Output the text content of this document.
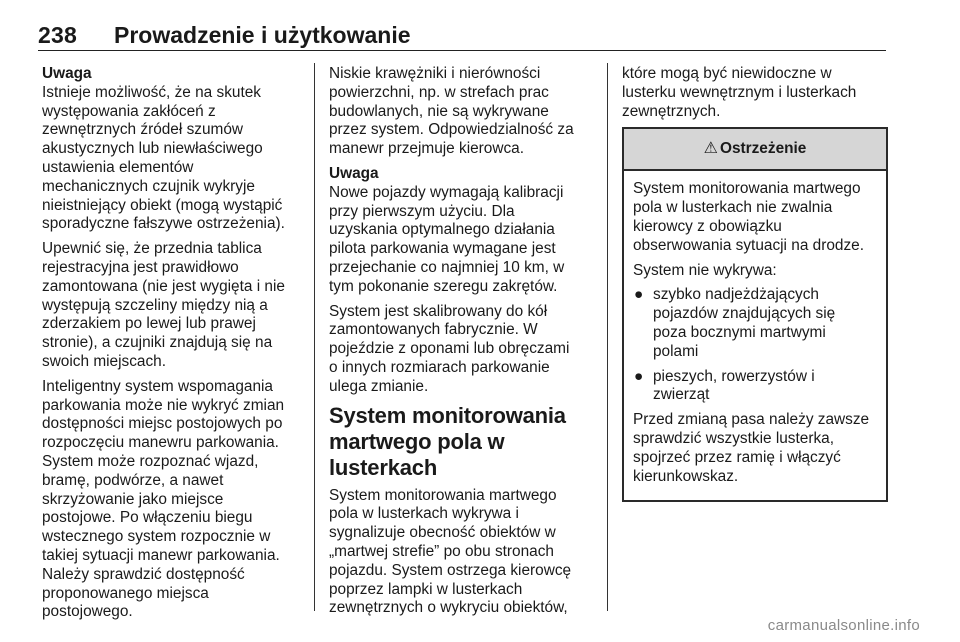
238 Prowadzenie i użytkowanie
Uwaga

Istnieje możliwość, że na skutek
występowania zakłóceń z
zewnętrznych źródeł szumów
akustycznych lub niewłaściwego
ustawienia elementów
mechanicznych czujnik wykryje
nieistniejący obiekt (mogą wystąpić
sporadyczne fałszywe ostrzeżenia).

Upewnić się, że przednia tablica
rejestracyjna jest prawidłowo
zamontowana (nie jest wygięta i nie
występują szczeliny między nią a
zderzakiem po lewej lub prawej
stronie), a czujniki znajdują się na
swoich miejscach.

Inteligentny system wspomagania
parkowania może nie wykryć zmian
dostępności miejsc postojowych po
rozpoczęciu manewru parkowania.
System może rozpoznać wjazd,
bramę, podwórze, a nawet
skrzyżowanie jako miejsce
postojowe. Po włączeniu biegu
wstecznego system rozpocznie w
takiej sytuacji manewr parkowania.
Należy sprawdzić dostępność
proponowanego miejsca
postojowego.

Niskie krawężniki i nierówności
powierzchni, np. w strefach prac
budowlanych, nie są wykrywane
przez system. Odpowiedzialność za
manewr przejmuje kierowca.

Uwaga

Nowe pojazdy wymagają kalibracji
przy pierwszym użyciu. Dla
uzyskania optymalnego działania
pilota parkowania wymagane jest
przejechanie co najmniej 10 km, w
tym pokonanie szeregu zakrętów.

System jest skalibrowany do kół
zamontowanych fabrycznie. W
pojeździe z oponami lub obręczami
o innych rozmiarach parkowanie
ulega zmianie.

System monitorowania
martwego pola w lusterkach

System monitorowania martwego
pola w lusterkach wykrywa i
sygnalizuje obecność obiektów w
„martwej strefie” po obu stronach
pojazdu. System ostrzega kierowcę
poprzez lampki w lusterkach
zewnętrznych o wykryciu obiektów,

które mogą być niewidoczne w
lusterku wewnętrznym i lusterkach
zewnętrznych.

⚠ Ostrzeżenie

System monitorowania martwego
pola w lusterkach nie zwalnia
kierowcy z obowiązku
obserwowania sytuacji na drodze.

System nie wykrywa:

● szybko nadjeżdżających
pojazdów znajdujących się
poza bocznymi martwymi
polami
● pieszych, rowerzystów i
zwierząt

Przed zmianą pasa należy zawsze
sprawdzić wszystkie lusterka,
spojrzeć przez ramię i włączyć
kierunkowskaz.

carmanualsonline.info
